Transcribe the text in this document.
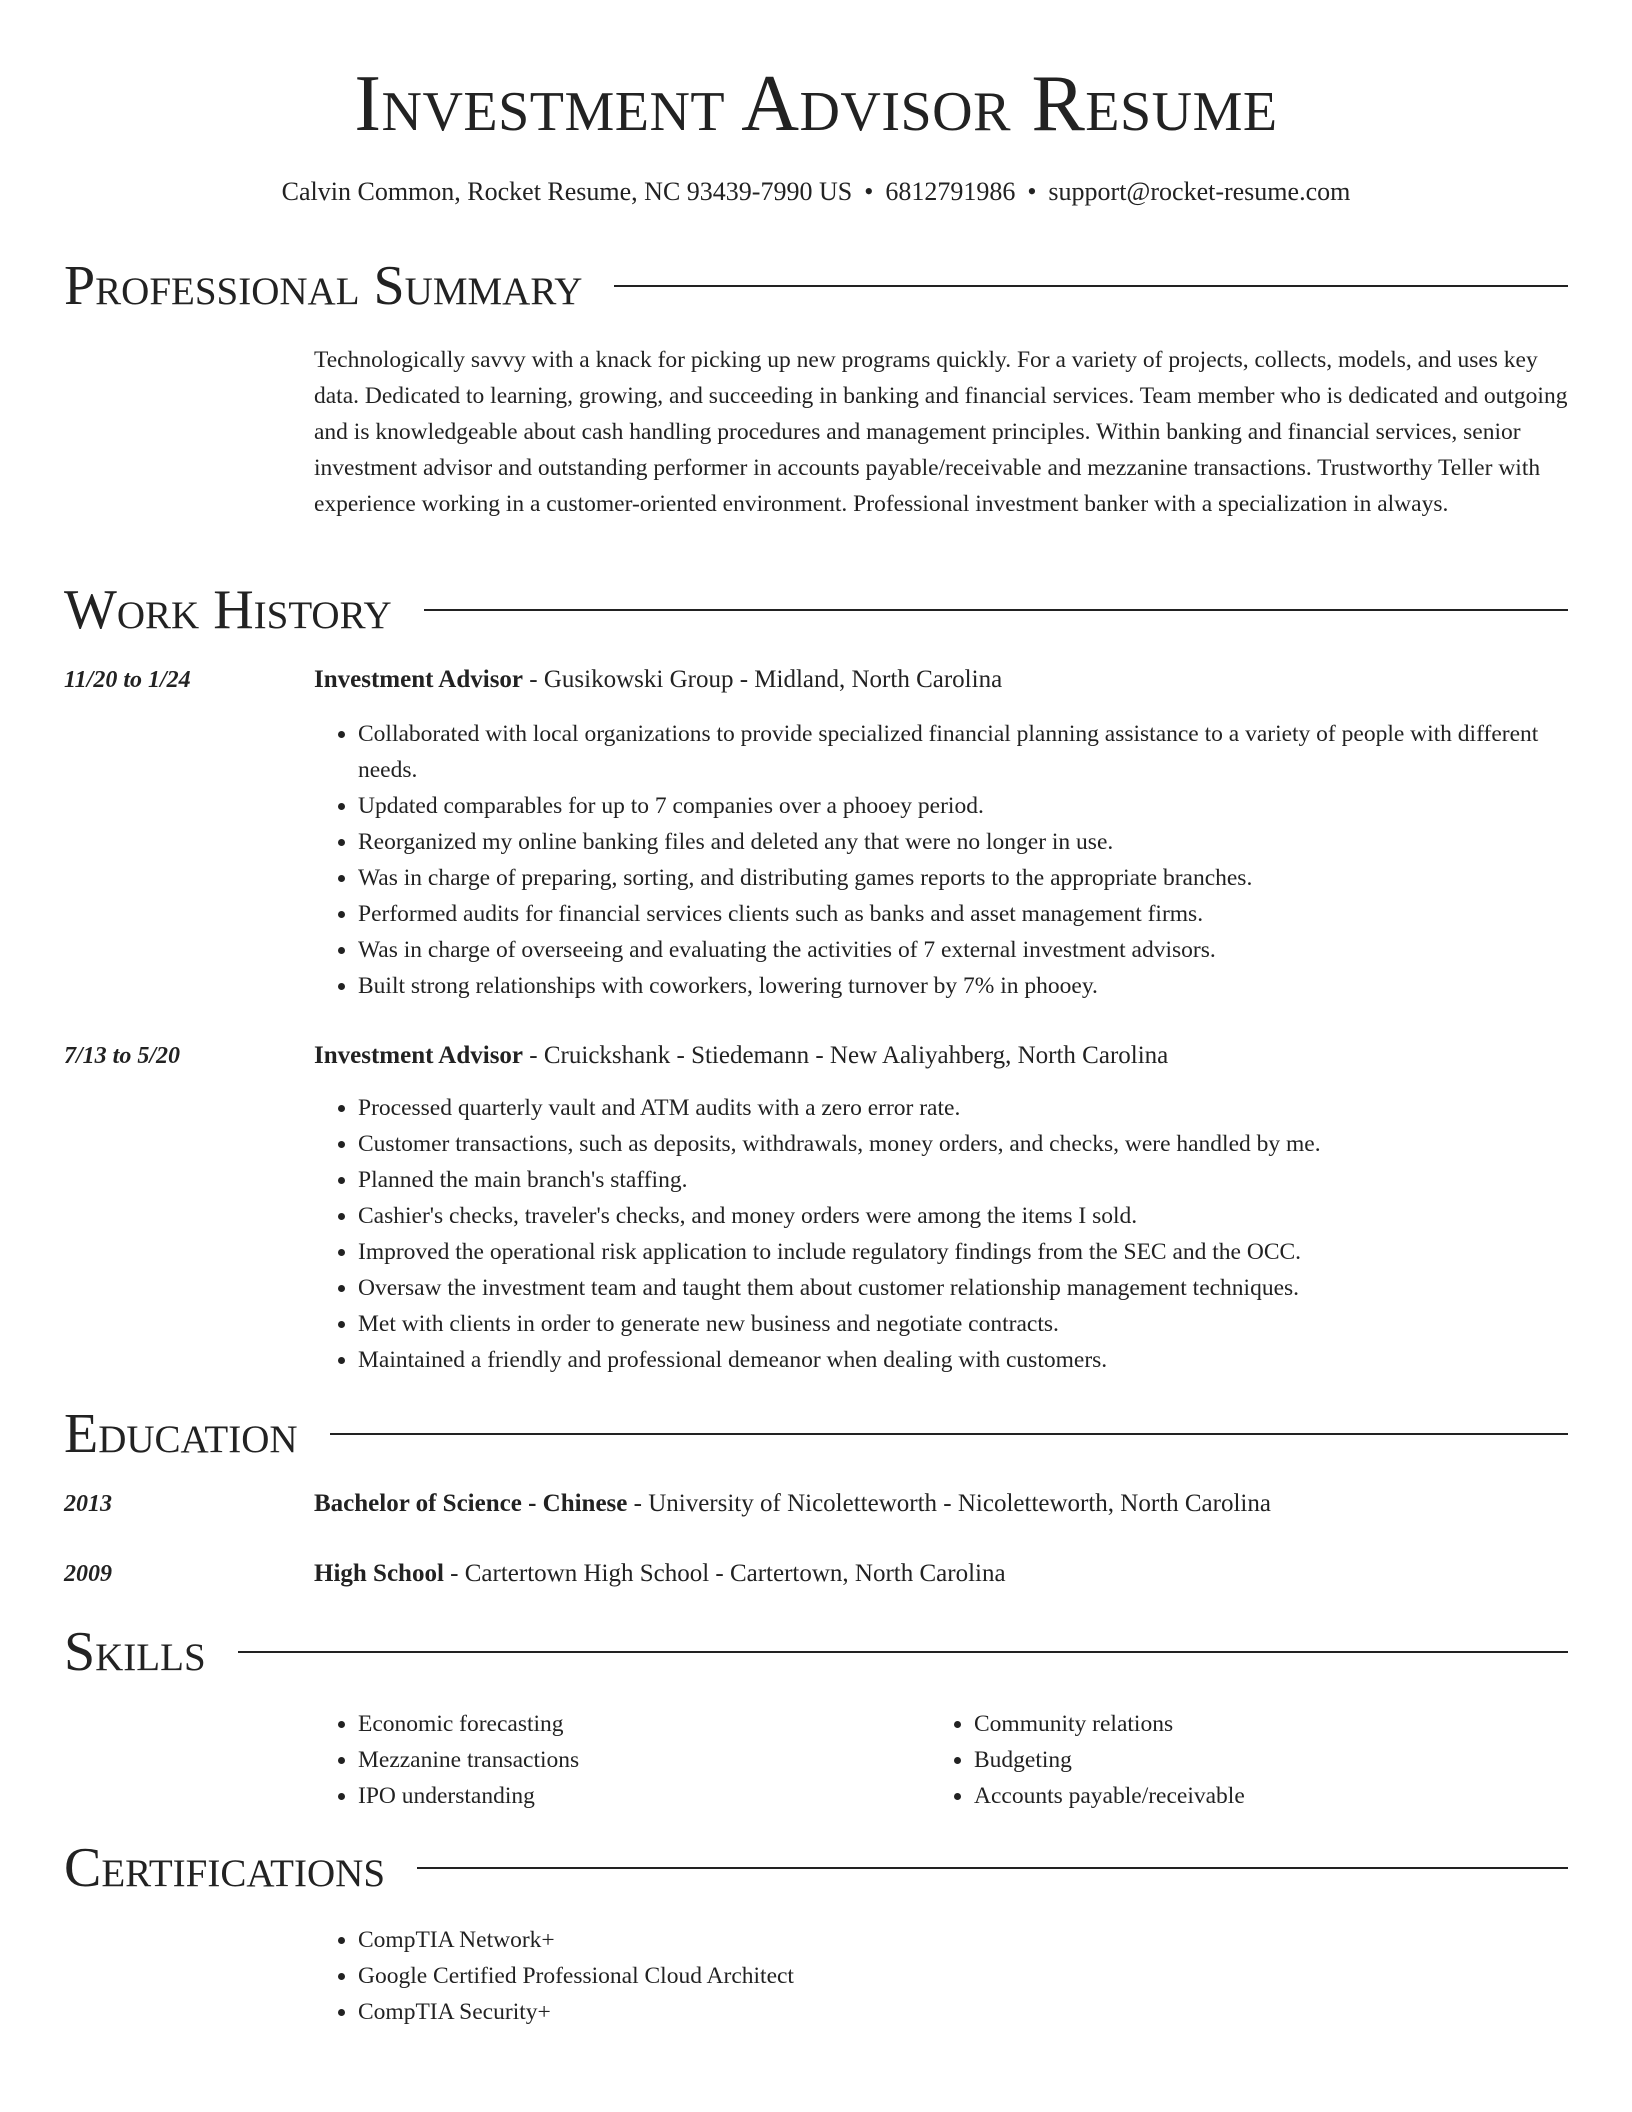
Investment Advisor Resume
Calvin Common, Rocket Resume, NC 93439-7990 US • 6812791986 • support@rocket-resume.com
Professional Summary

Technologically savvy with a knack for picking up new programs quickly. For a variety of projects, collects, models, and uses key data. Dedicated to learning, growing, and succeeding in banking and financial services. Team member who is dedicated and outgoing and is knowledgeable about cash handling procedures and management principles. Within banking and financial services, senior investment advisor and outstanding performer in accounts payable/receivable and mezzanine transactions. Trustworthy Teller with experience working in a customer-oriented environment. Professional investment banker with a specialization in always.

Work History
11/20 to 1/24	Investment Advisor - Gusikowski Group - Midland, North Carolina
• Collaborated with local organizations to provide specialized financial planning assistance to a variety of people with different needs.
• Updated comparables for up to 7 companies over a phooey period.
• Reorganized my online banking files and deleted any that were no longer in use.
• Was in charge of preparing, sorting, and distributing games reports to the appropriate branches.
• Performed audits for financial services clients such as banks and asset management firms.
• Was in charge of overseeing and evaluating the activities of 7 external investment advisors.
• Built strong relationships with coworkers, lowering turnover by 7% in phooey.
7/13 to 5/20	Investment Advisor - Cruickshank - Stiedemann - New Aaliyahberg, North Carolina
• Processed quarterly vault and ATM audits with a zero error rate.
• Customer transactions, such as deposits, withdrawals, money orders, and checks, were handled by me.
• Planned the main branch's staffing.
• Cashier's checks, traveler's checks, and money orders were among the items I sold.
• Improved the operational risk application to include regulatory findings from the SEC and the OCC.
• Oversaw the investment team and taught them about customer relationship management techniques.
• Met with clients in order to generate new business and negotiate contracts.
• Maintained a friendly and professional demeanor when dealing with customers.
Education
2013	Bachelor of Science - Chinese - University of Nicoletteworth - Nicoletteworth, North Carolina
2009	High School - Cartertown High School - Cartertown, North Carolina
Skills
• Economic forecasting
• Mezzanine transactions
• IPO understanding
• Community relations
• Budgeting
• Accounts payable/receivable
Certifications
• CompTIA Network+
• Google Certified Professional Cloud Architect
• CompTIA Security+
